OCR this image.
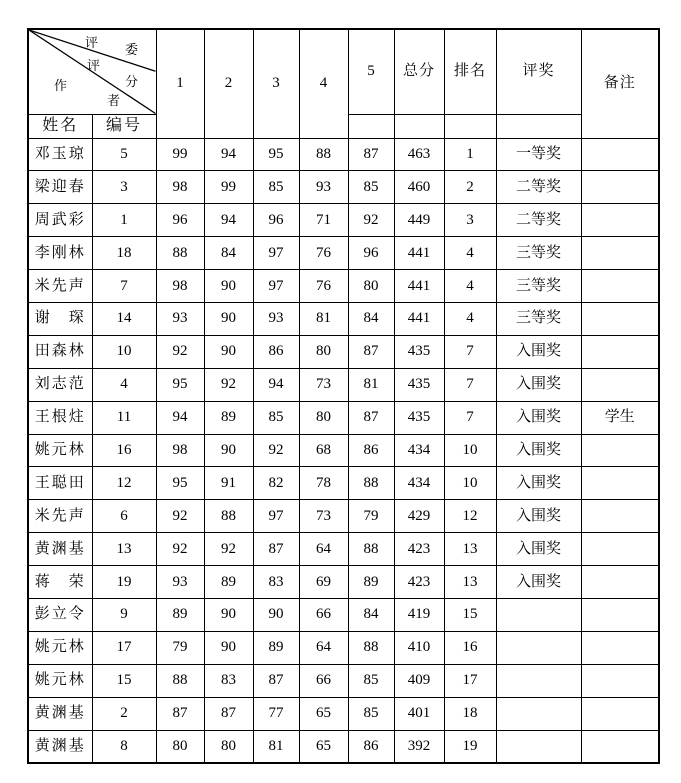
评 委
评
分
作
者
	1	2	3	4	5	总分	排名	评奖	备注
姓名	编号									
邓玉琼	5	99	94	95	88	87	463	1	一等奖	
梁迎春	3	98	99	85	93	85	460	2	二等奖	
周武彩	1	96	94	96	71	92	449	3	二等奖	
李刚林	18	88	84	97	76	96	441	4	三等奖	
米先声	7	98	90	97	76	80	441	4	三等奖	
谢　琛	14	93	90	93	81	84	441	4	三等奖	
田森林	10	92	90	86	80	87	435	7	入围奖	
刘志范	4	95	92	94	73	81	435	7	入围奖	
王根炷	11	94	89	85	80	87	435	7	入围奖	学生
姚元林	16	98	90	92	68	86	434	10	入围奖	
王聪田	12	95	91	82	78	88	434	10	入围奖	
米先声	6	92	88	97	73	79	429	12	入围奖	
黄渊基	13	92	92	87	64	88	423	13	入围奖	
蒋　荣	19	93	89	83	69	89	423	13	入围奖	
彭立令	9	89	90	90	66	84	419	15		
姚元林	17	79	90	89	64	88	410	16		
姚元林	15	88	83	87	66	85	409	17		
黄渊基	2	87	87	77	65	85	401	18		
黄渊基	8	80	80	81	65	86	392	19		
